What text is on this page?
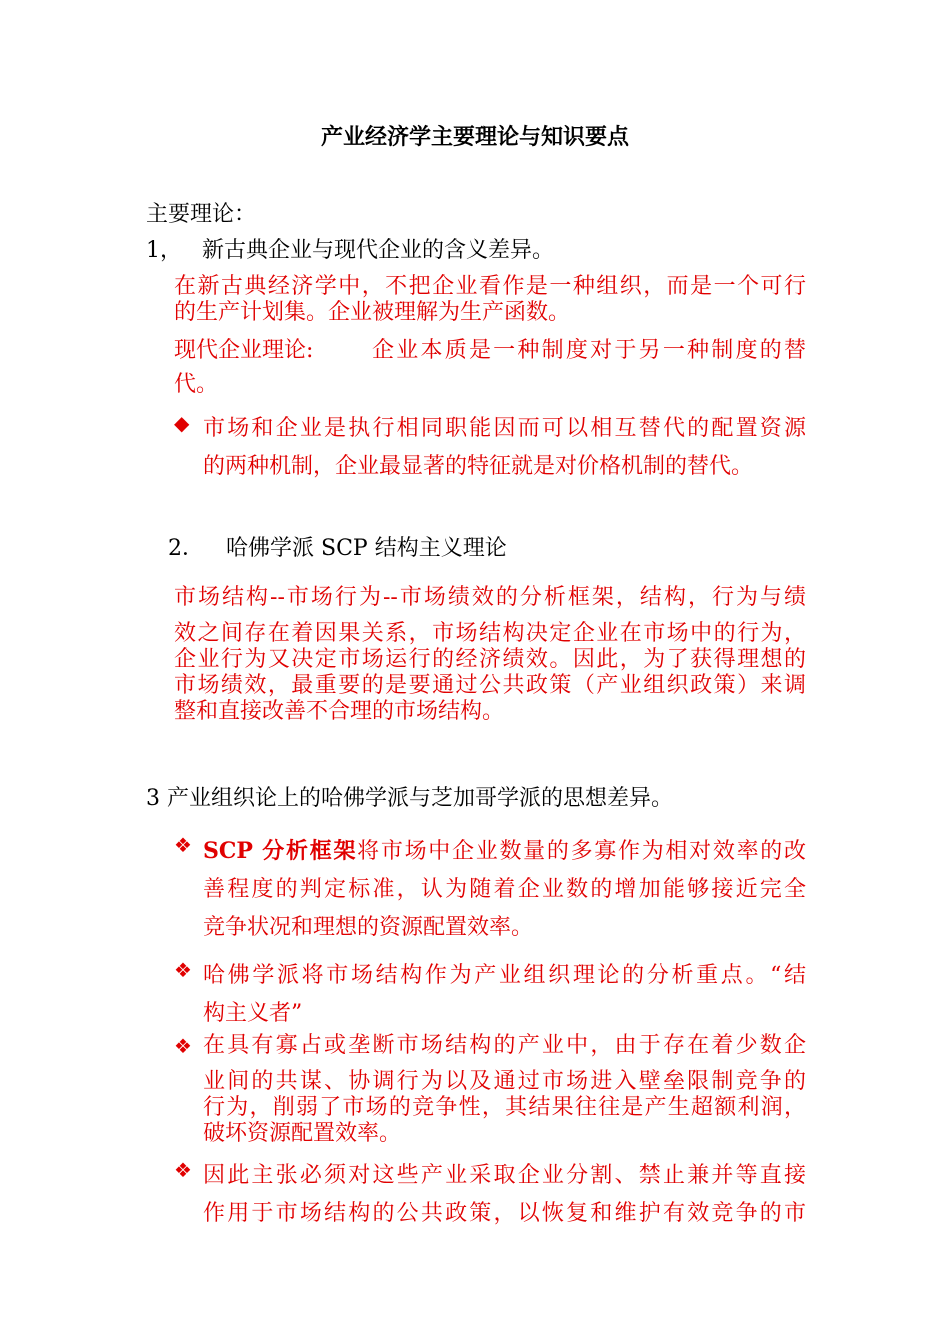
产业经济学主要理论与知识要点
主要理论：
1， 新古典企业与现代企业的含义差异。
在新古典经济学中，不把企业看作是一种组织，而是一个可行
的生产计划集。企业被理解为生产函数。
现代企业理论:	企业本质是一种制度对于另一种制度的替
代。
◆ 市场和企业是执行相同职能因而可以相互替代的配置资源
的两种机制，企业最显著的特征就是对价格机制的替代。
2． 哈佛学派 SCP 结构主义理论
市场结构--市场行为--市场绩效的分析框架，结构，行为与绩
效之间存在着因果关系，市场结构决定企业在市场中的行为，
企业行为又决定市场运行的经济绩效。因此，为了获得理想的
市场绩效，最重要的是要通过公共政策（产业组织政策）来调
整和直接改善不合理的市场结构。
3 产业组织论上的哈佛学派与芝加哥学派的思想差异。
❖ SCP 分析框架将市场中企业数量的多寡作为相对效率的改
善程度的判定标准，认为随着企业数的增加能够接近完全
竞争状况和理想的资源配置效率。
❖ 哈佛学派将市场结构作为产业组织理论的分析重点。“结
构主义者”
❖ 在具有寡占或垄断市场结构的产业中，由于存在着少数企
业间的共谋、协调行为以及通过市场进入壁垒限制竞争的
行为，削弱了市场的竞争性，其结果往往是产生超额利润，
破坏资源配置效率。
❖ 因此主张必须对这些产业采取企业分割、禁止兼并等直接
作用于市场结构的公共政策，以恢复和维护有效竞争的市
